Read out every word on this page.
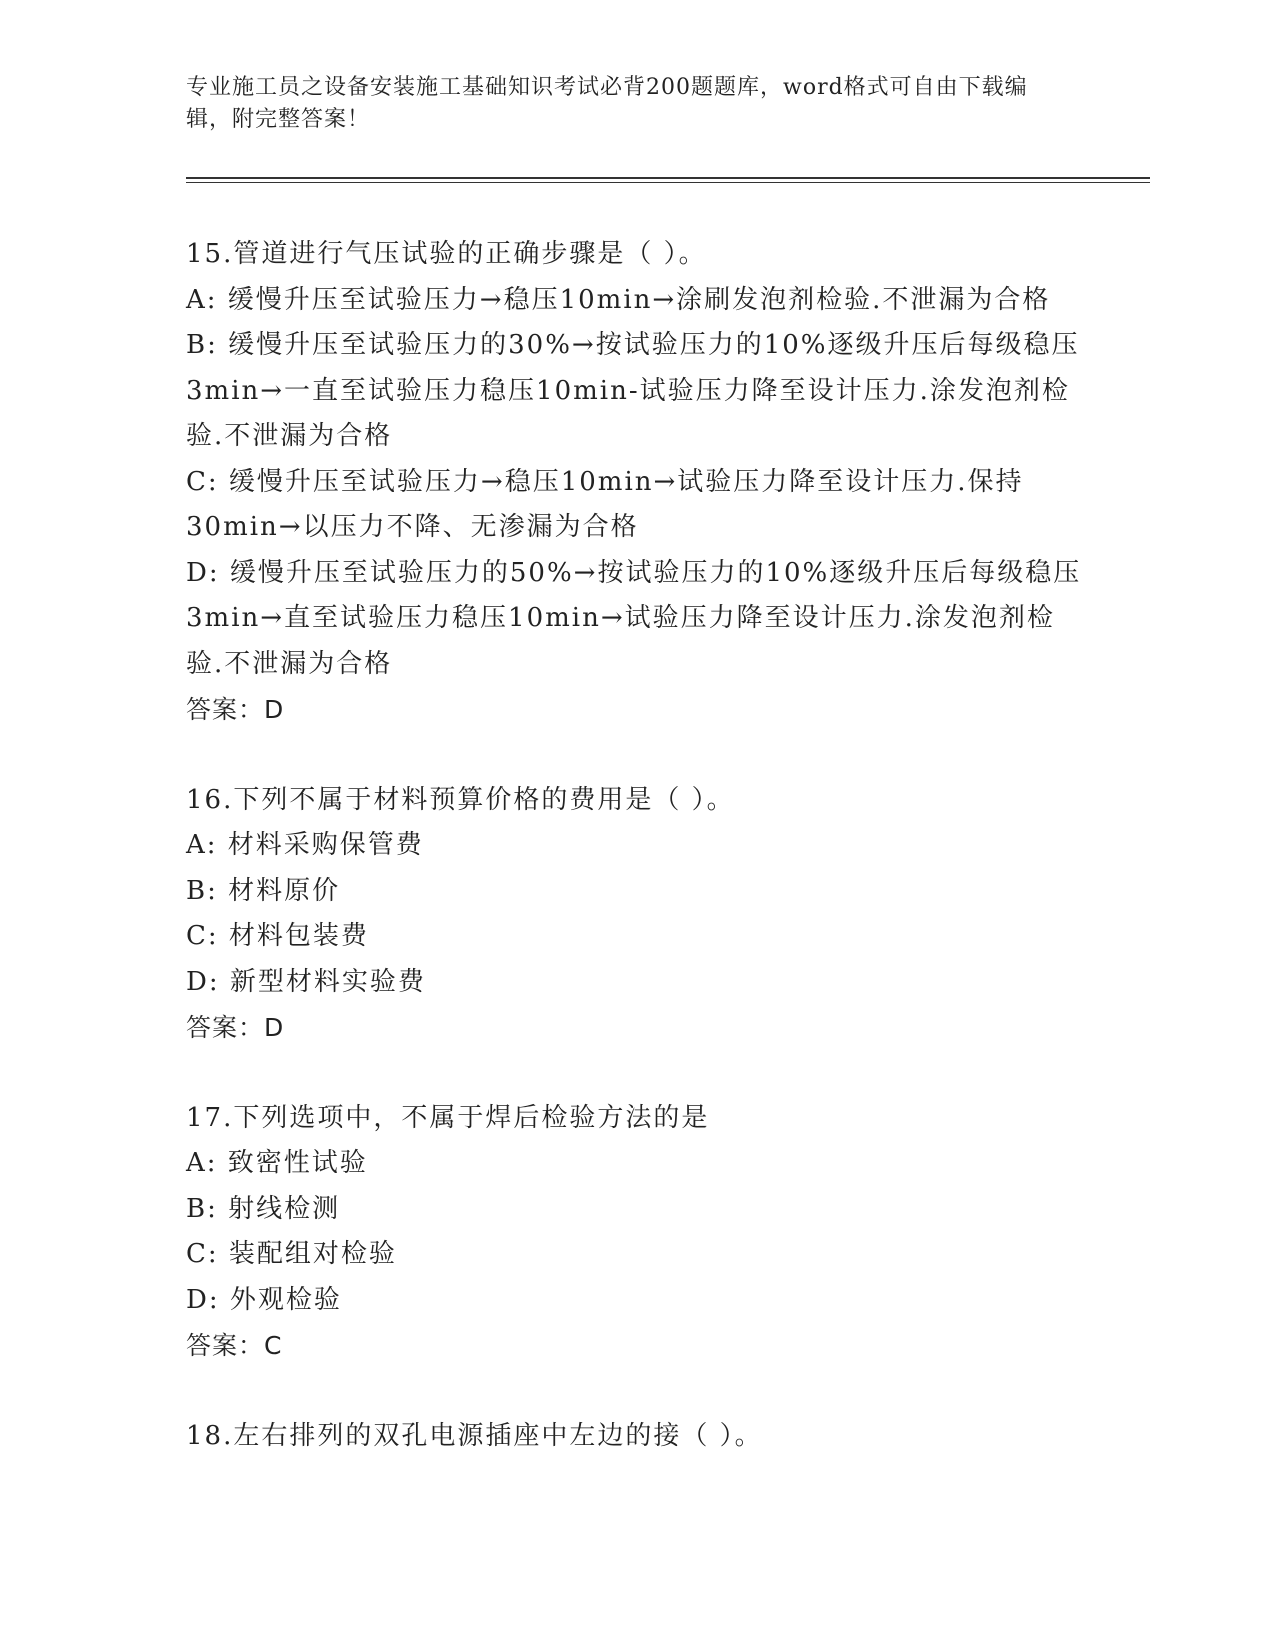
专业施工员之设备安装施工基础知识考试必背200题题库，word格式可自由下载编辑，附完整答案！
15.管道进行气压试验的正确步骤是（ ）。
A: 缓慢升压至试验压力→稳压10min→涂刷发泡剂检验.不泄漏为合格
B: 缓慢升压至试验压力的30%→按试验压力的10%逐级升压后每级稳压3min→一直至试验压力稳压10min-试验压力降至设计压力.涂发泡剂检验.不泄漏为合格
C: 缓慢升压至试验压力→稳压10min→试验压力降至设计压力.保持30min→以压力不降、无渗漏为合格
D: 缓慢升压至试验压力的50%→按试验压力的10%逐级升压后每级稳压3min→直至试验压力稳压10min→试验压力降至设计压力.涂发泡剂检验.不泄漏为合格
答案：D
16.下列不属于材料预算价格的费用是（ ）。
A: 材料采购保管费
B: 材料原价
C: 材料包装费
D: 新型材料实验费
答案：D
17.下列选项中，不属于焊后检验方法的是
A: 致密性试验
B: 射线检测
C: 装配组对检验
D: 外观检验
答案：C
18.左右排列的双孔电源插座中左边的接（ ）。
